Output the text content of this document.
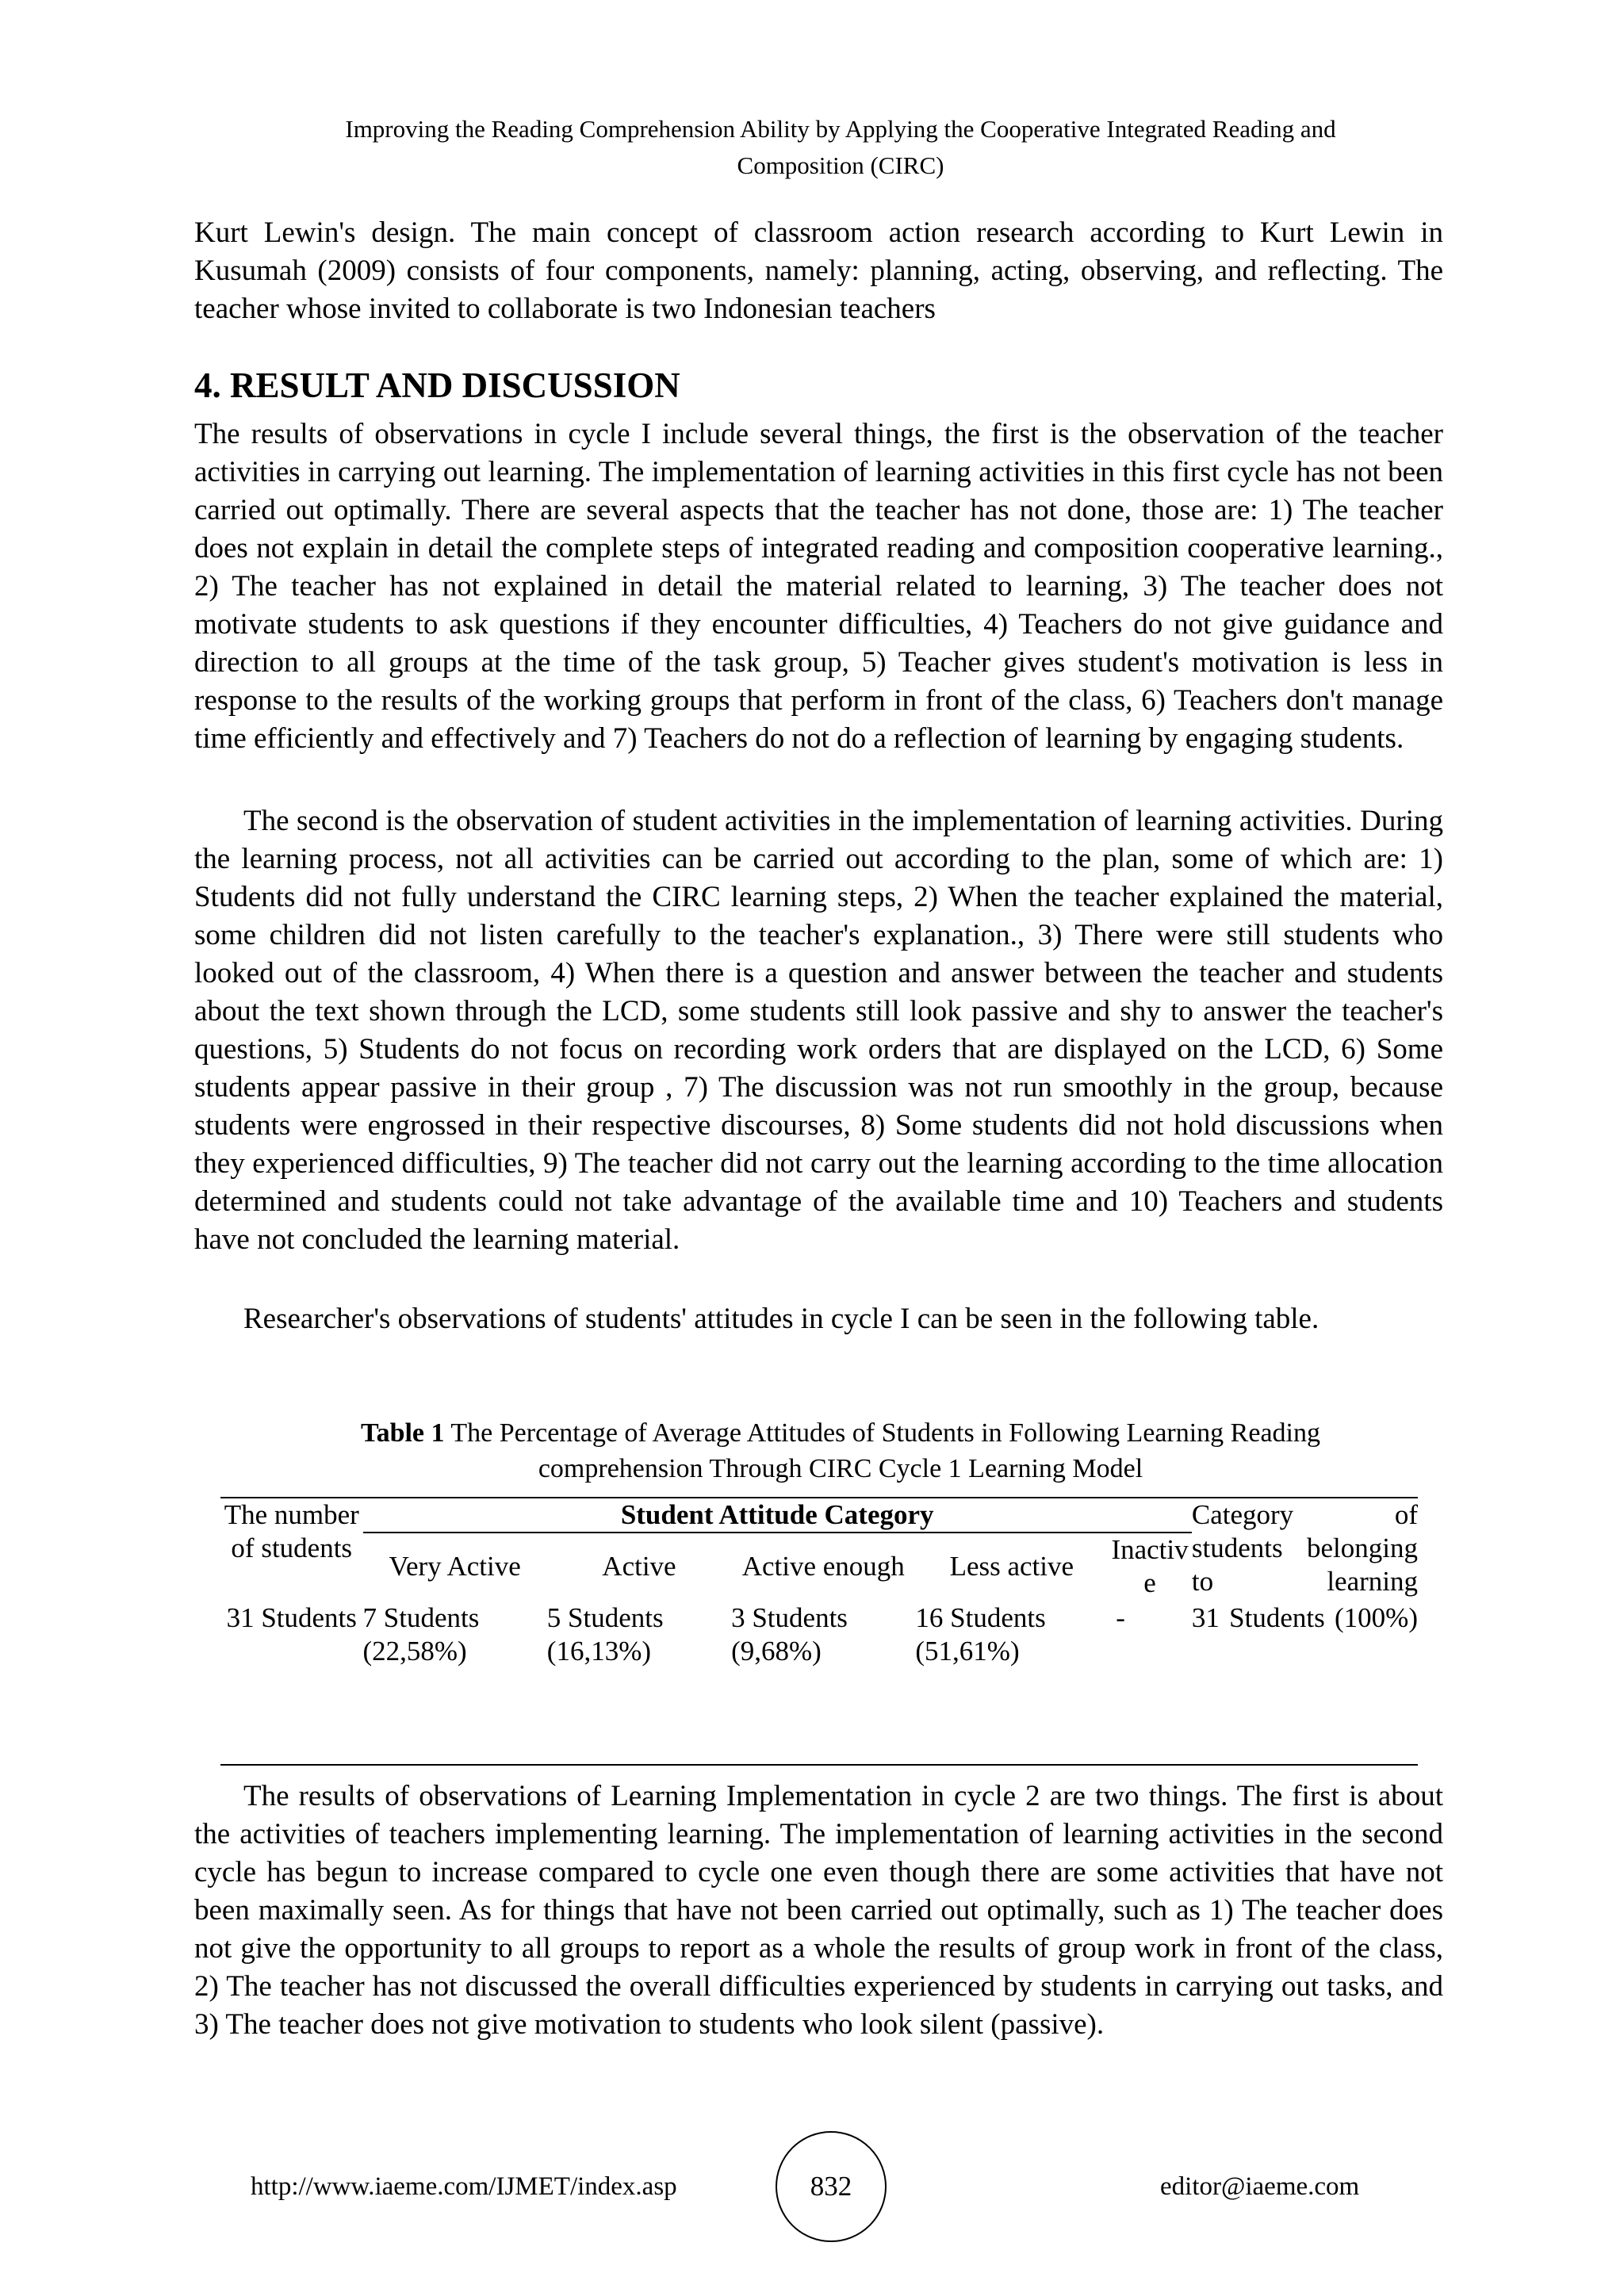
Improving the Reading Comprehension Ability by Applying the Cooperative Integrated Reading and
Composition (CIRC)

Kurt Lewin's design. The main concept of classroom action research according to Kurt Lewin in Kusumah (2009) consists of four components, namely: planning, acting, observing, and reflecting. The teacher whose invited to collaborate is two Indonesian teachers

4. RESULT AND DISCUSSION

The results of observations in cycle I include several things, the first is the observation of the teacher activities in carrying out learning. The implementation of learning activities in this first cycle has not been carried out optimally. There are several aspects that the teacher has not done, those are: 1) The teacher does not explain in detail the complete steps of integrated reading and composition cooperative learning., 2) The teacher has not explained in detail the material related to learning, 3) The teacher does not motivate students to ask questions if they encounter difficulties, 4) Teachers do not give guidance and direction to all groups at the time of the task group, 5) Teacher gives student's motivation is less in response to the results of the working groups that perform in front of the class, 6) Teachers don't manage time efficiently and effectively and 7) Teachers do not do a reflection of learning by engaging students.

The second is the observation of student activities in the implementation of learning activities. During the learning process, not all activities can be carried out according to the plan, some of which are: 1) Students did not fully understand the CIRC learning steps, 2) When the teacher explained the material, some children did not listen carefully to the teacher's explanation., 3) There were still students who looked out of the classroom, 4) When there is a question and answer between the teacher and students about the text shown through the LCD, some students still look passive and shy to answer the teacher's questions, 5) Students do not focus on recording work orders that are displayed on the LCD, 6) Some students appear passive in their group , 7) The discussion was not run smoothly in the group, because students were engrossed in their respective discourses, 8) Some students did not hold discussions when they experienced difficulties, 9) The teacher did not carry out the learning according to the time allocation determined and students could not take advantage of the available time and 10) Teachers and students have not concluded the learning material.

Researcher's observations of students' attitudes in cycle I can be seen in the following table.

Table 1 The Percentage of Average Attitudes of Students in Following Learning Reading
comprehension Through CIRC Cycle 1 Learning Model
The number of students	Student Attitude Category					Category of students belonging to learning
	Very Active	Active	Active enough	Less active	Inactiv e	
31 Students	7 Students (22,58%)	5 Students (16,13%)	3 Students (9,68%)	16 Students (51,61%)	-	31 Students (100%)

The results of observations of Learning Implementation in cycle 2 are two things. The first is about the activities of teachers implementing learning. The implementation of learning activities in the second cycle has begun to increase compared to cycle one even though there are some activities that have not been maximally seen. As for things that have not been carried out optimally, such as 1) The teacher does not give the opportunity to all groups to report as a whole the results of group work in front of the class, 2) The teacher has not discussed the overall difficulties experienced by students in carrying out tasks, and 3) The teacher does not give motivation to students who look silent (passive).

http://www.iaeme.com/IJMET/index.asp	832	editor@iaeme.com
